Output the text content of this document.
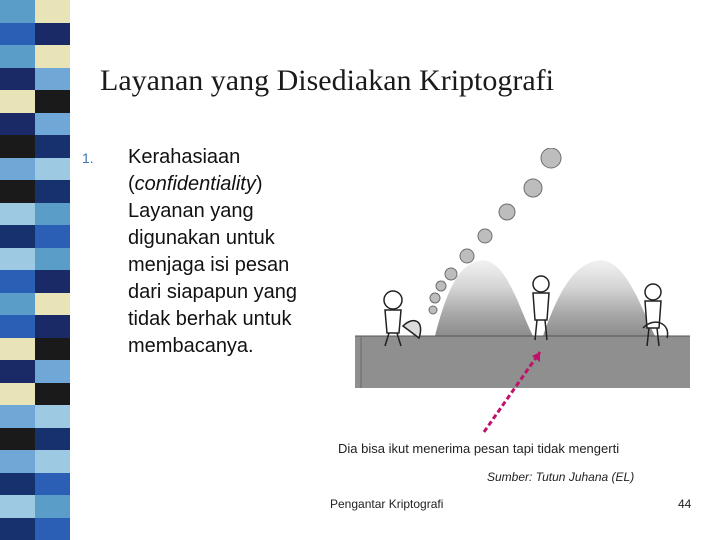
Layanan yang Disediakan Kriptografi
1. Kerahasiaan
(confidentiality)
Layanan yang
digunakan untuk
menjaga isi pesan
dari siapapun yang
tidak berhak untuk
membacanya.
Dia bisa ikut menerima pesan tapi tidak mengerti
Sumber: Tutun Juhana (EL)
Pengantar Kriptografi	44
